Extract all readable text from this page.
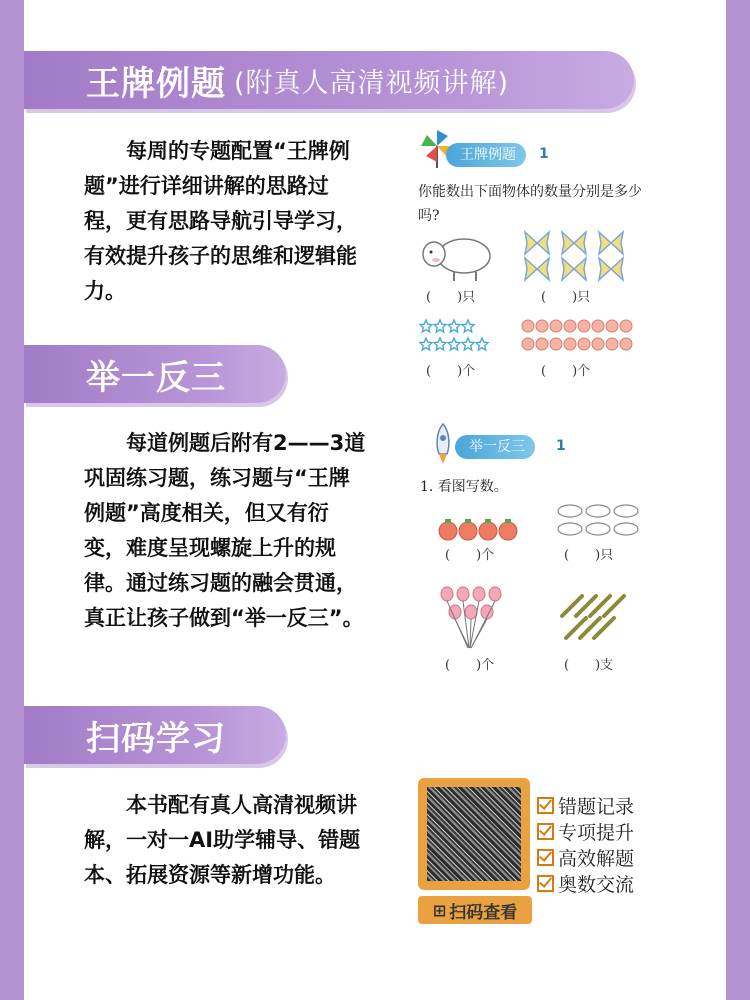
王牌例题 (附真人高清视频讲解)
每周的专题配置“王牌例题”进行详细讲解的思路过程，更有思路导航引导学习，有效提升孩子的思维和逻辑能力。
王牌例题	1
你能数出下面物体的数量分别是多少吗?
(　　)只	(　　)只
(　　)个	(　　)个
举一反三
每道例题后附有2——3道巩固练习题，练习题与“王牌例题”高度相关，但又有衍变，难度呈现螺旋上升的规律。通过练习题的融会贯通，真正让孩子做到“举一反三”。
举一反三	1
1. 看图写数。
(　　)个	(　　)只
(　　)个	(　　)支
扫码学习
本书配有真人高清视频讲解，一对一AI助学辅导、错题本、拓展资源等新增功能。
⊞ 扫码查看
错题记录
专项提升
高效解题
奥数交流
